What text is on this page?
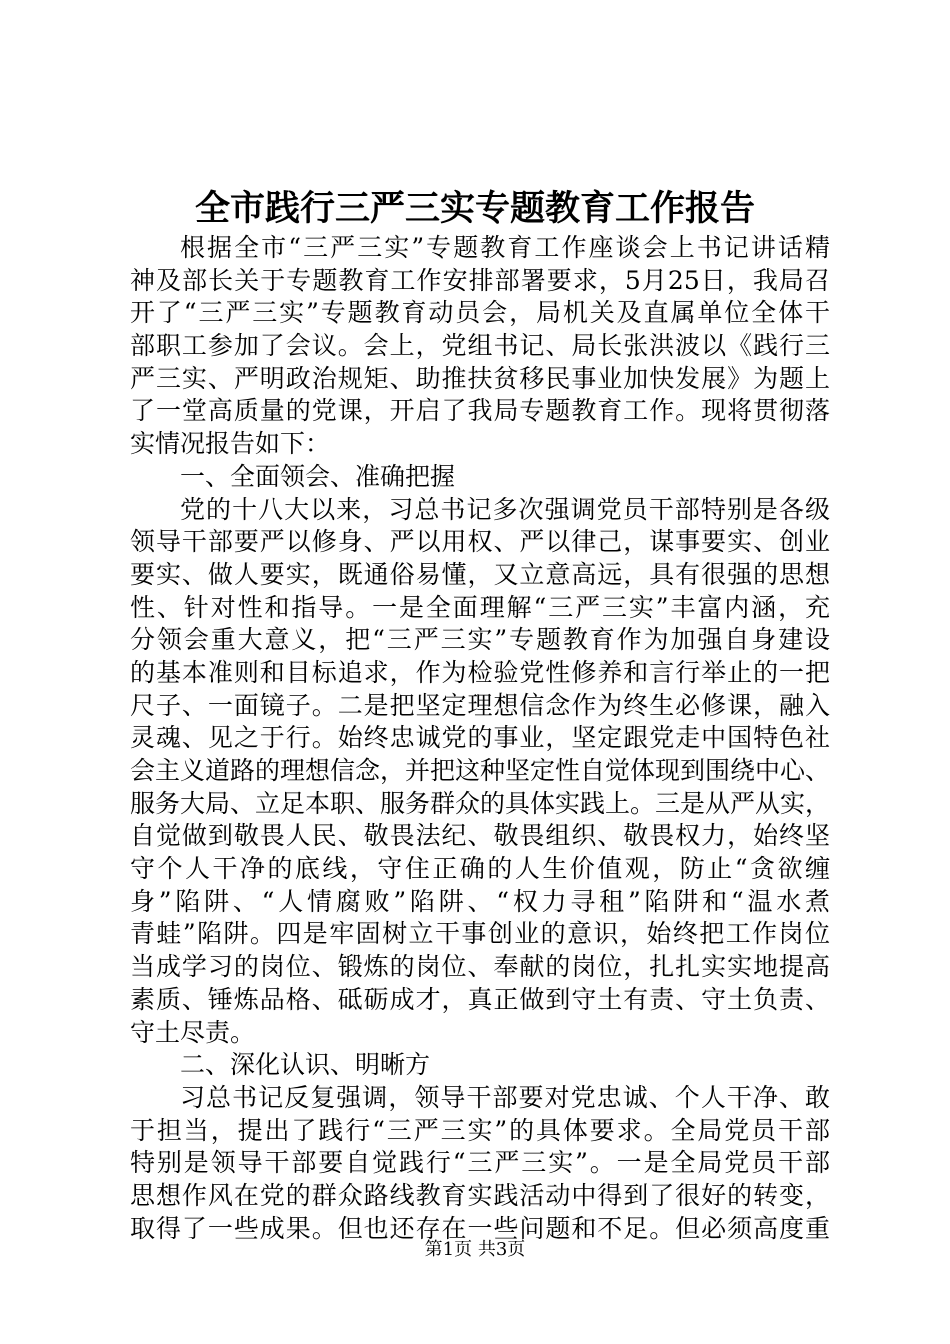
全市践行三严三实专题教育工作报告
根据全市“三严三实”专题教育工作座谈会上书记讲话精
神及部长关于专题教育工作安排部署要求，5月25日，我局召
开了“三严三实”专题教育动员会，局机关及直属单位全体干
部职工参加了会议。会上，党组书记、局长张洪波以《践行三
严三实、严明政治规矩、助推扶贫移民事业加快发展》为题上
了一堂高质量的党课，开启了我局专题教育工作。现将贯彻落
实情况报告如下：
一、全面领会、准确把握
党的十八大以来，习总书记多次强调党员干部特别是各级
领导干部要严以修身、严以用权、严以律己，谋事要实、创业
要实、做人要实，既通俗易懂，又立意高远，具有很强的思想
性、针对性和指导。一是全面理解“三严三实”丰富内涵，充
分领会重大意义，把“三严三实”专题教育作为加强自身建设
的基本准则和目标追求，作为检验党性修养和言行举止的一把
尺子、一面镜子。二是把坚定理想信念作为终生必修课，融入
灵魂、见之于行。始终忠诚党的事业，坚定跟党走中国特色社
会主义道路的理想信念，并把这种坚定性自觉体现到围绕中心、
服务大局、立足本职、服务群众的具体实践上。三是从严从实，
自觉做到敬畏人民、敬畏法纪、敬畏组织、敬畏权力，始终坚
守个人干净的底线，守住正确的人生价值观，防止“贪欲缠
身”陷阱、“人情腐败”陷阱、“权力寻租”陷阱和“温水煮
青蛙”陷阱。四是牢固树立干事创业的意识，始终把工作岗位
当成学习的岗位、锻炼的岗位、奉献的岗位，扎扎实实地提高
素质、锤炼品格、砥砺成才，真正做到守土有责、守土负责、
守土尽责。
二、深化认识、明晰方
习总书记反复强调，领导干部要对党忠诚、个人干净、敢
于担当，提出了践行“三严三实”的具体要求。全局党员干部
特别是领导干部要自觉践行“三严三实”。一是全局党员干部
思想作风在党的群众路线教育实践活动中得到了很好的转变，
取得了一些成果。但也还存在一些问题和不足。但必须高度重
第1页 共3页
